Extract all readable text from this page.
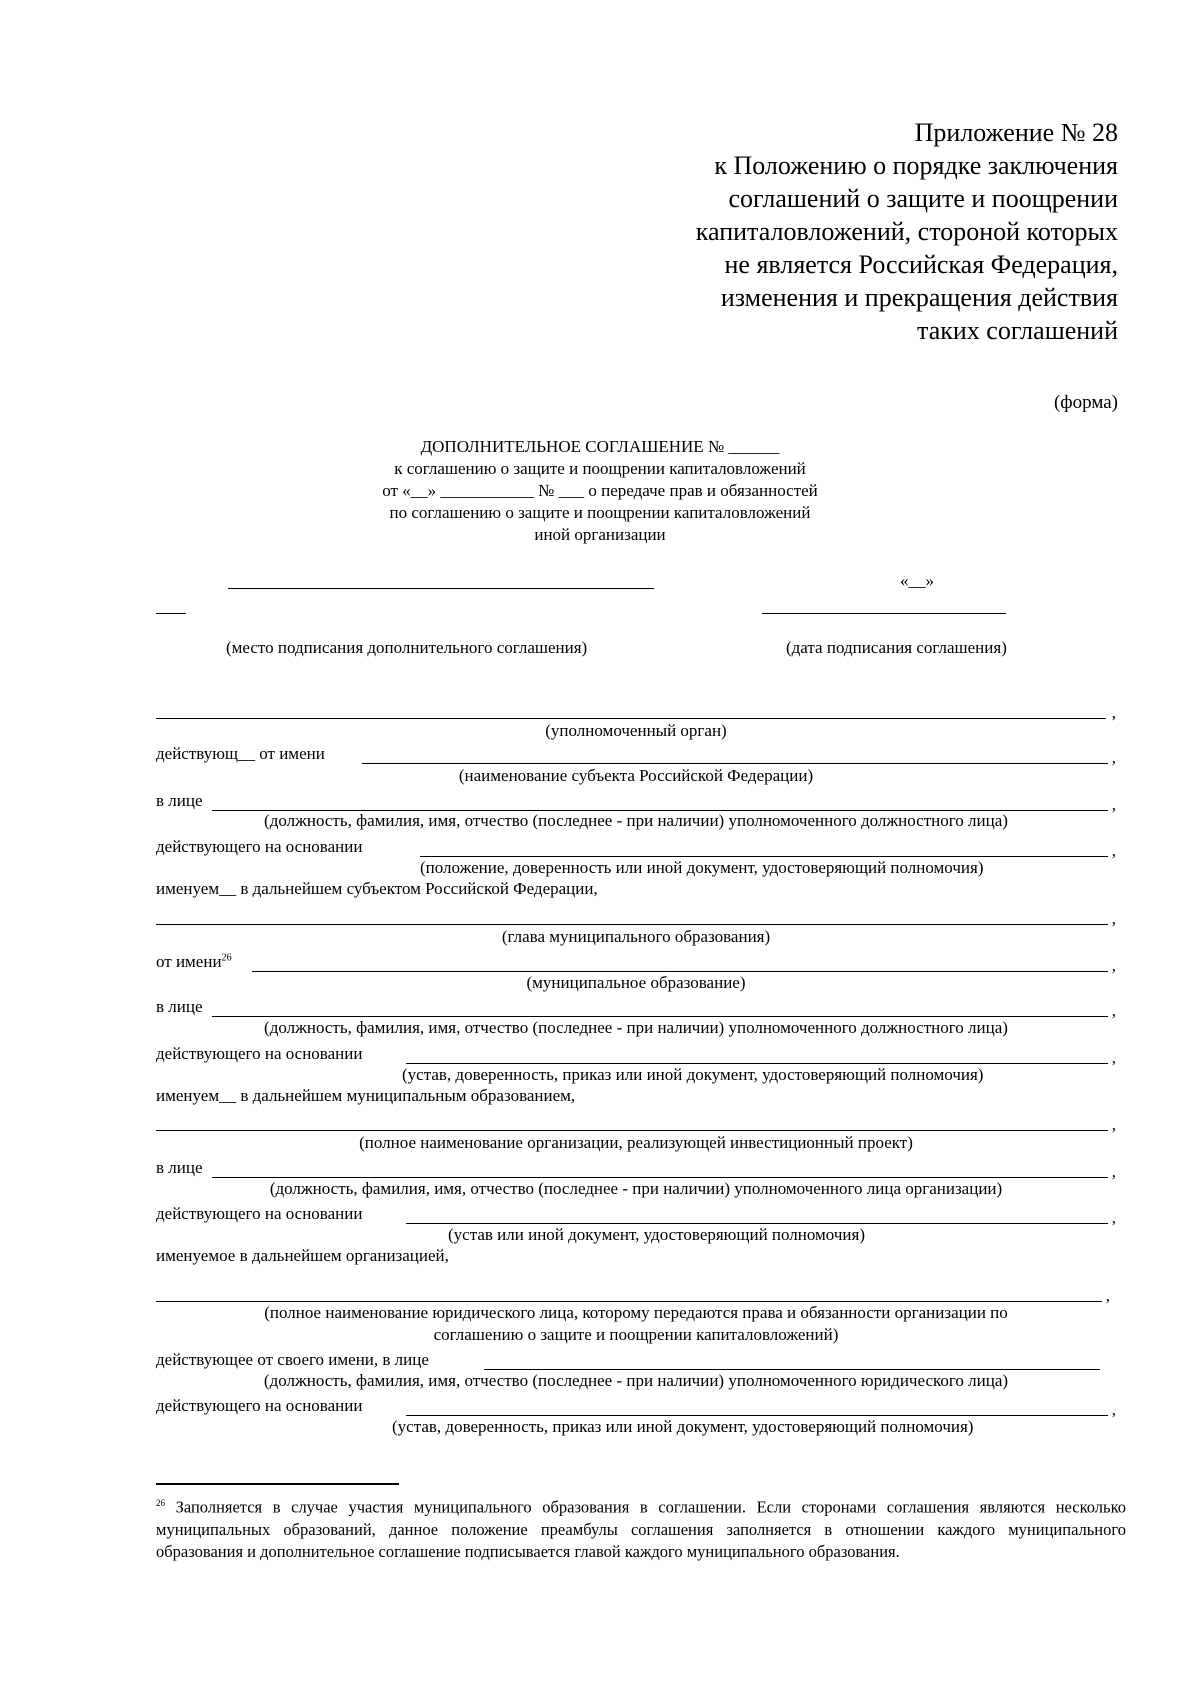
Приложение № 28
к Положению о порядке заключения
соглашений о защите и поощрении
капиталовложений, стороной которых
не является Российская Федерация,
изменения и прекращения действия
таких соглашений
(форма)
ДОПОЛНИТЕЛЬНОЕ СОГЛАШЕНИЕ № ______
к соглашению о защите и поощрении капиталовложений
от «__» ___________ № ___ о передаче прав и обязанностей
по соглашению о защите и поощрении капиталовложений
иной организации
«__»
(место подписания дополнительного соглашения)	(дата подписания соглашения)
,
(уполномоченный орган)
действующ__ от имени	,
(наименование субъекта Российской Федерации)
в лице	,
(должность, фамилия, имя, отчество (последнее - при наличии) уполномоченного должностного лица)
действующего на основании	,
(положение, доверенность или иной документ, удостоверяющий полномочия)
именуем__ в дальнейшем субъектом Российской Федерации,
,
(глава муниципального образования)
от имени$^{26}$	,
(муниципальное образование)
в лице	,
(должность, фамилия, имя, отчество (последнее - при наличии) уполномоченного должностного лица)
действующего на основании	,
(устав, доверенность, приказ или иной документ, удостоверяющий полномочия)
именуем__ в дальнейшем муниципальным образованием,
,
(полное наименование организации, реализующей инвестиционный проект)
в лице	,
(должность, фамилия, имя, отчество (последнее - при наличии) уполномоченного лица организации)
действующего на основании	,
(устав или иной документ, удостоверяющий полномочия)
именуемое в дальнейшем организацией,
,
(полное наименование юридического лица, которому передаются права и обязанности организации по
соглашению о защите и поощрении капиталовложений)
действующее от своего имени, в лице
(должность, фамилия, имя, отчество (последнее - при наличии) уполномоченного юридического лица)
действующего на основании	,
(устав, доверенность, приказ или иной документ, удостоверяющий полномочия)
$^{26}$ Заполняется в случае участия муниципального образования в соглашении. Если сторонами соглашения являются несколько муниципальных образований, данное положение преамбулы соглашения заполняется в отношении каждого муниципального образования и дополнительное соглашение подписывается главой каждого муниципального образования.
